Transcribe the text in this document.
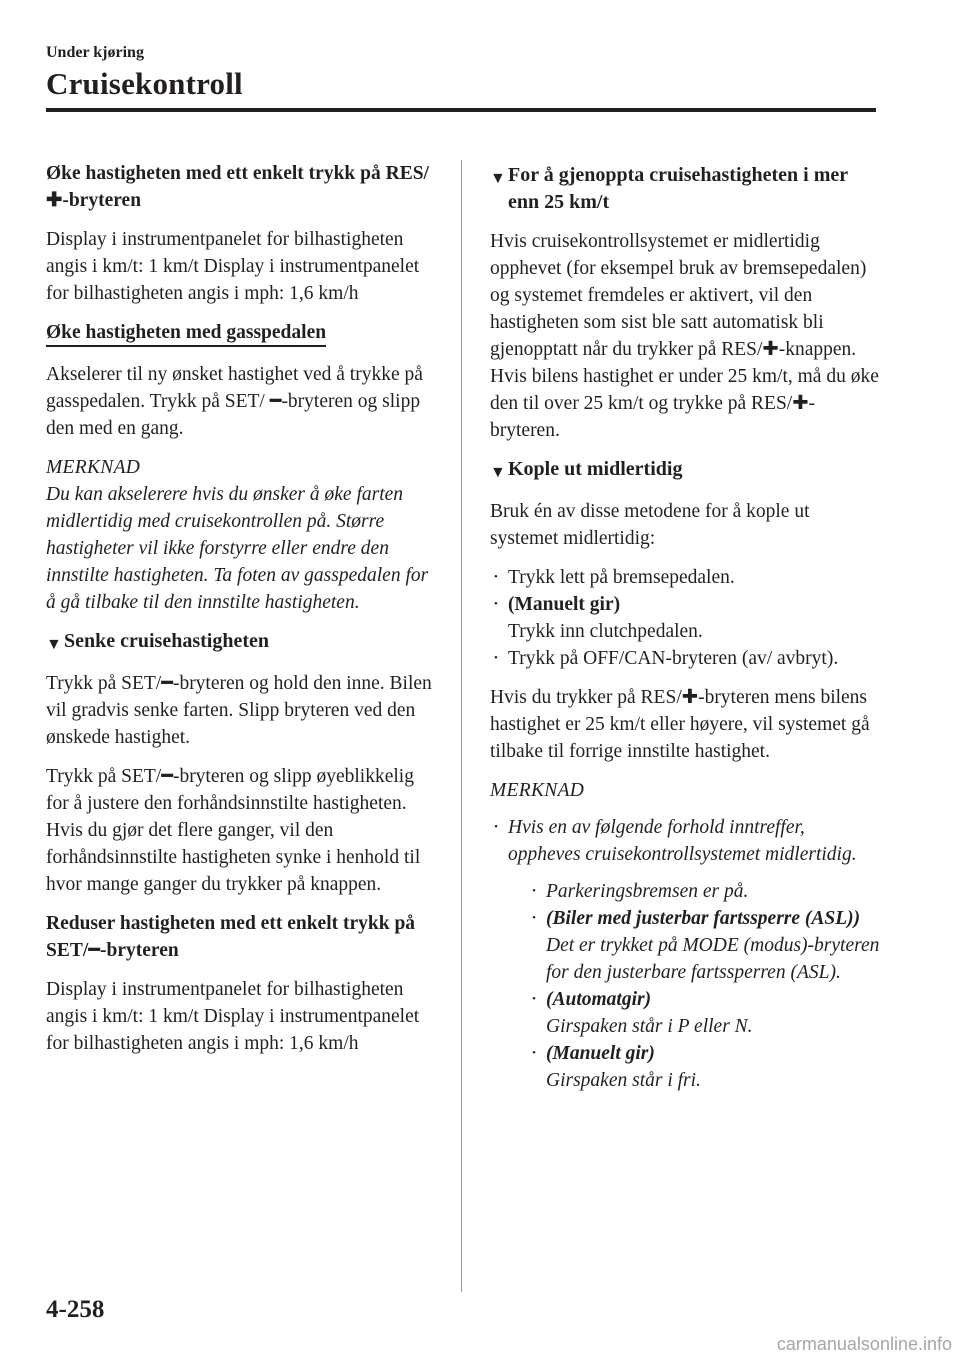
Under kjøring
Cruisekontroll

Øke hastigheten med ett enkelt trykk på RES/✚-bryteren

Display i instrumentpanelet for bilhastigheten angis i km/t: 1 km/t Display i instrumentpanelet for bilhastigheten angis i mph: 1,6 km/h

Øke hastigheten med gasspedalen

Akselerer til ny ønsket hastighet ved å trykke på gasspedalen. Trykk på SET/ ━-bryteren og slipp den med en gang.

MERKNAD

Du kan akselerere hvis du ønsker å øke farten midlertidig med cruisekontrollen på. Større hastigheter vil ikke forstyrre eller endre den innstilte hastigheten. Ta foten av gasspedalen for å gå tilbake til den innstilte hastigheten.

▼ Senke cruisehastigheten

Trykk på SET/━-bryteren og hold den inne. Bilen vil gradvis senke farten. Slipp bryteren ved den ønskede hastighet.

Trykk på SET/━-bryteren og slipp øyeblikkelig for å justere den forhåndsinnstilte hastigheten. Hvis du gjør det flere ganger, vil den forhåndsinnstilte hastigheten synke i henhold til hvor mange ganger du trykker på knappen.

Reduser hastigheten med ett enkelt trykk på SET/━-bryteren

Display i instrumentpanelet for bilhastigheten angis i km/t: 1 km/t Display i instrumentpanelet for bilhastigheten angis i mph: 1,6 km/h

▼ For å gjenoppta cruisehastigheten i mer enn 25 km/t

Hvis cruisekontrollsystemet er midlertidig opphevet (for eksempel bruk av bremsepedalen) og systemet fremdeles er aktivert, vil den hastigheten som sist ble satt automatisk bli gjenopptatt når du trykker på RES/✚-knappen.

Hvis bilens hastighet er under 25 km/t, må du øke den til over 25 km/t og trykke på RES/✚-bryteren.

▼ Kople ut midlertidig

Bruk én av disse metodene for å kople ut systemet midlertidig:

• Trykk lett på bremsepedalen.
• (Manuelt gir)
Trykk inn clutchpedalen.
• Trykk på OFF/CAN-bryteren (av/ avbryt).

Hvis du trykker på RES/✚-bryteren mens bilens hastighet er 25 km/t eller høyere, vil systemet gå tilbake til forrige innstilte hastighet.

MERKNAD
• Hvis en av følgende forhold inntreffer, oppheves cruisekontrollsystemet midlertidig.
• Parkeringsbremsen er på.
• (Biler med justerbar fartssperre (ASL))
Det er trykket på MODE (modus)-bryteren for den justerbare fartssperren (ASL).
• (Automatgir)
Girspaken står i P eller N.
• (Manuelt gir)
Girspaken står i fri.
4-258
carmanualsonline.info
